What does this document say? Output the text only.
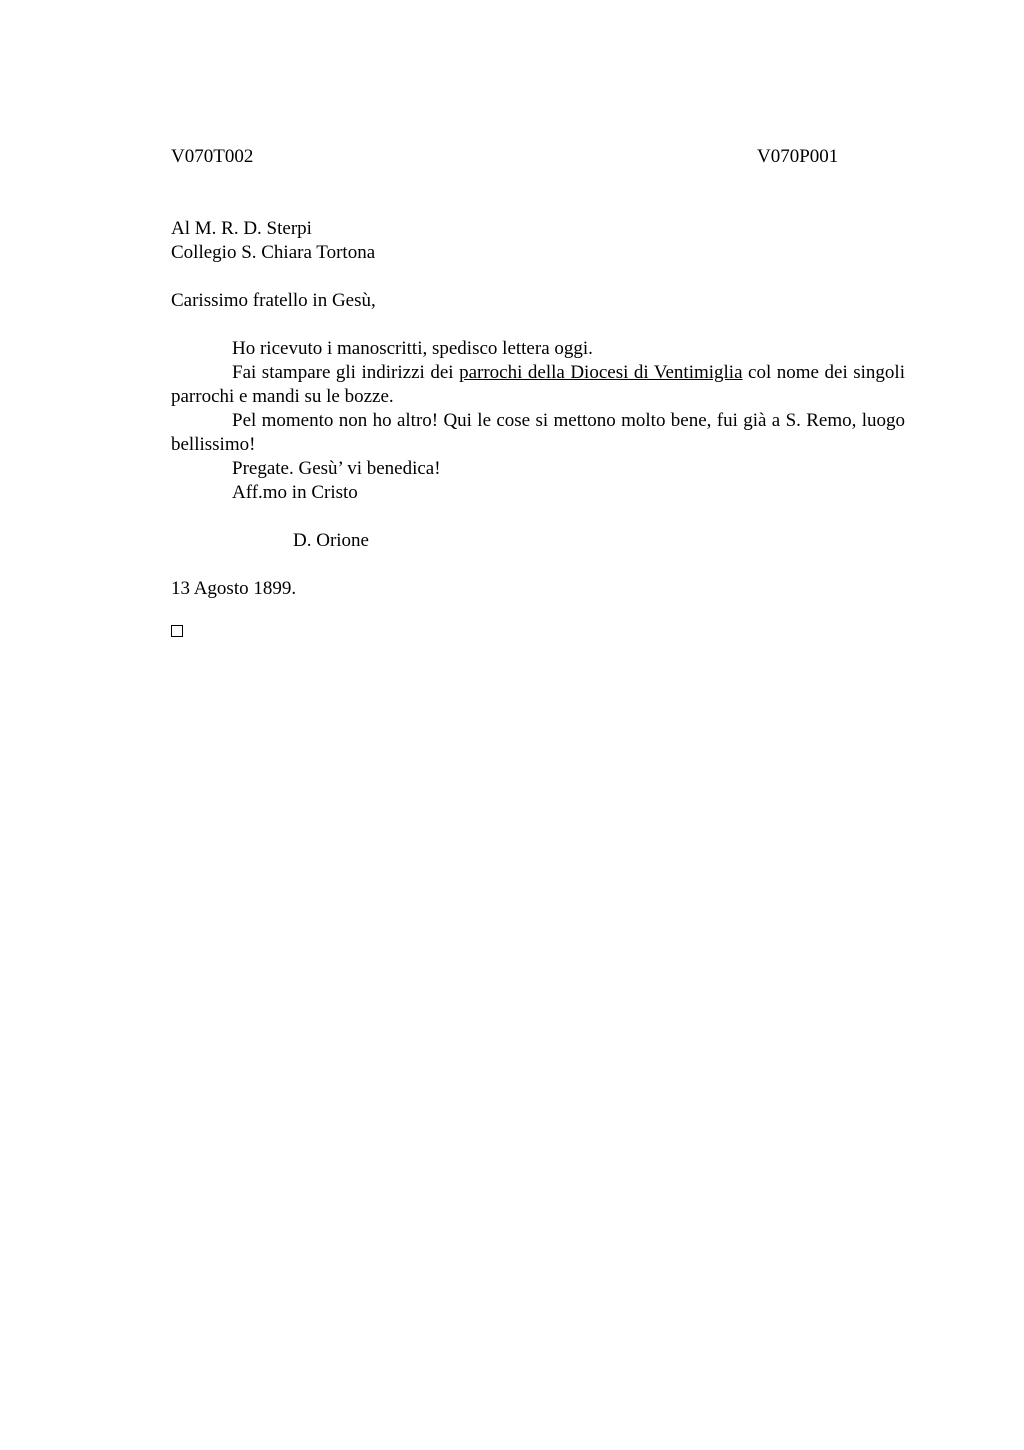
V070T002	V070P001
Al M. R. D. Sterpi
Collegio S. Chiara Tortona
Carissimo fratello in Gesù,

Ho ricevuto i manoscritti, spedisco lettera oggi.

Fai stampare gli indirizzi dei parrochi della Diocesi di Ventimiglia col nome dei singoli parrochi e mandi su le bozze.

Pel momento non ho altro! Qui le cose si mettono molto bene, fui già a S. Remo, luogo bellissimo!

Pregate. Gesù’ vi benedica!

Aff.mo in Cristo
D. Orione
13 Agosto 1899.
